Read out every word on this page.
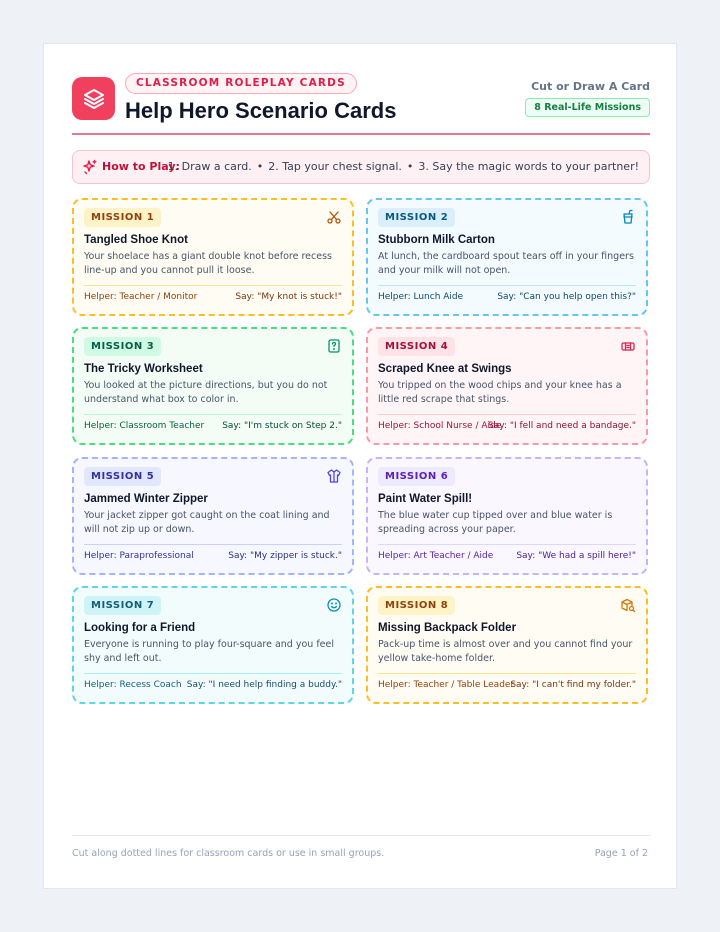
CLASSROOM ROLEPLAY CARDS
Help Hero Scenario Cards
Cut or Draw A Card
8 Real-Life Missions
How to Play:
1. Draw a card. • 2. Tap your chest signal. • 3. Say the magic words to your partner!
MISSION 1
Tangled Shoe Knot
Your shoelace has a giant double knot before recess line-up and you cannot pull it loose.
Helper: Teacher / Monitor	Say: "My knot is stuck!"
MISSION 2
Stubborn Milk Carton
At lunch, the cardboard spout tears off in your fingers and your milk will not open.
Helper: Lunch Aide	Say: "Can you help open this?"
MISSION 3
The Tricky Worksheet
You looked at the picture directions, but you do not understand what box to color in.
Helper: Classroom Teacher Say: "I'm stuck on Step 2."
MISSION 4
Scraped Knee at Swings
You tripped on the wood chips and your knee has a little red scrape that stings.
Helper: School Nurse / Aide
Say: "I fell and need a bandage."
MISSION 5
Jammed Winter Zipper
Your jacket zipper got caught on the coat lining and will not zip up or down.
Helper: Paraprofessional	Say: "My zipper is stuck."
MISSION 6
Paint Water Spill!
The blue water cup tipped over and blue water is spreading across your paper.
Helper: Art Teacher / Aide	Say: "We had a spill here!"
MISSION 7
Looking for a Friend
Everyone is running to play four-square and you feel shy and left out.
Helper: Recess Coach Say: "I need help finding a buddy."
MISSION 8
Missing Backpack Folder
Pack-up time is almost over and you cannot find your yellow take-home folder.
Helper: Teacher / Table Leader
Say: "I can't find my folder."
Cut along dotted lines for classroom cards or use in small groups.	Page 1 of 2
